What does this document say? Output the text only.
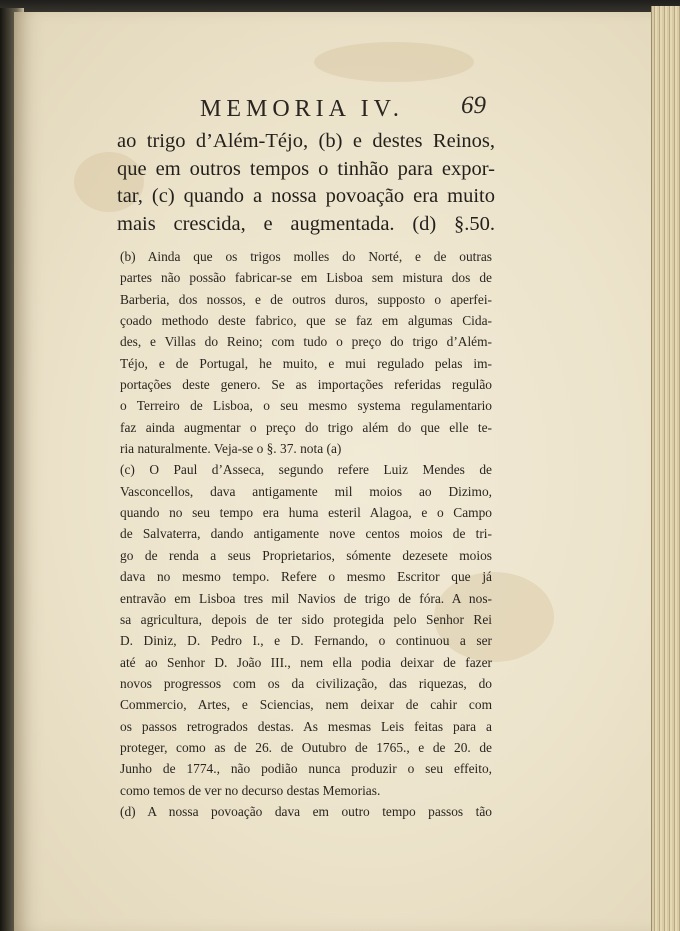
MEMORIA IV. 69
ao trigo d’Além-Téjo, (b) e destes Reinos,
que em outros tempos o tinhão para expor-
tar, (c) quando a nossa povoação era muito
mais crescida, e augmentada. (d) §.50.
(b) Ainda que os trigos molles do Norté, e de outras
partes não possão fabricar-se em Lisboa sem mistura dos de
Barberia, dos nossos, e de outros duros, supposto o aperfei-
çoado methodo deste fabrico, que se faz em algumas Cida-
des, e Villas do Reino; com tudo o preço do trigo d’Além-
Téjo, e de Portugal, he muito, e mui regulado pelas im-
portações deste genero. Se as importações referidas regulão
o Terreiro de Lisboa, o seu mesmo systema regulamentario
faz ainda augmentar o preço do trigo além do que elle te-
ria naturalmente. Veja-se o §. 37. nota (a)
(c) O Paul d’Asseca, segundo refere Luiz Mendes de
Vasconcellos, dava antigamente mil moios ao Dizimo,
quando no seu tempo era huma esteril Alagoa, e o Campo
de Salvaterra, dando antigamente nove centos moios de tri-
go de renda a seus Proprietarios, sómente dezesete moios
dava no mesmo tempo. Refere o mesmo Escritor que já
entravão em Lisboa tres mil Navios de trigo de fóra. A nos-
sa agricultura, depois de ter sido protegida pelo Senhor Rei
D. Diniz, D. Pedro I., e D. Fernando, o continuou a ser
até ao Senhor D. João III., nem ella podia deixar de fazer
novos progressos com os da civilização, das riquezas, do
Commercio, Artes, e Sciencias, nem deixar de cahir com
os passos retrogrados destas. As mesmas Leis feitas para a
proteger, como as de 26. de Outubro de 1765., e de 20. de
Junho de 1774., não podião nunca produzir o seu effeito,
como temos de ver no decurso destas Memorias.
(d) A nossa povoação dava em outro tempo passos tão
